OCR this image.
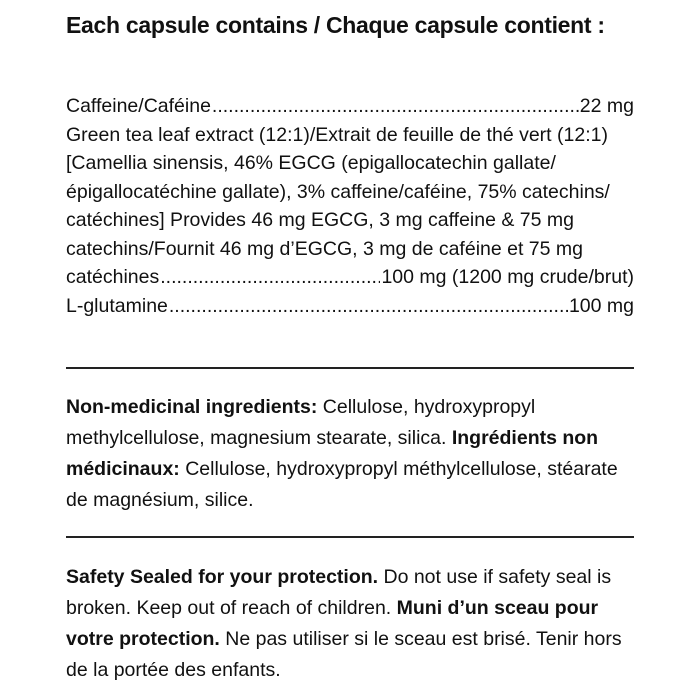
Each capsule contains / Chaque capsule contient :
Caffeine/Caféine .....	22 mg
Green tea leaf extract (12:1)/Extrait de feuille de thé vert (12:1)
[Camellia sinensis, 46% EGCG (epigallocatechin gallate/
épigallocatéchine gallate), 3% caffeine/caféine, 75% catechins/
catéchines] Provides 46 mg EGCG, 3 mg caffeine & 75 mg
catechins/Fournit 46 mg d’EGCG, 3 mg de caféine et 75 mg
catéchines .....	100 mg (1200 mg crude/brut)
L-glutamine .....	100 mg
Non-medicinal ingredients: Cellulose, hydroxypropyl methylcellulose, magnesium stearate, silica. Ingrédients non médicinaux: Cellulose, hydroxypropyl méthylcellulose, stéarate de magnésium, silice.
Safety Sealed for your protection. Do not use if safety seal is broken. Keep out of reach of children. Muni d’un sceau pour votre protection. Ne pas utiliser si le sceau est brisé. Tenir hors de la portée des enfants.
